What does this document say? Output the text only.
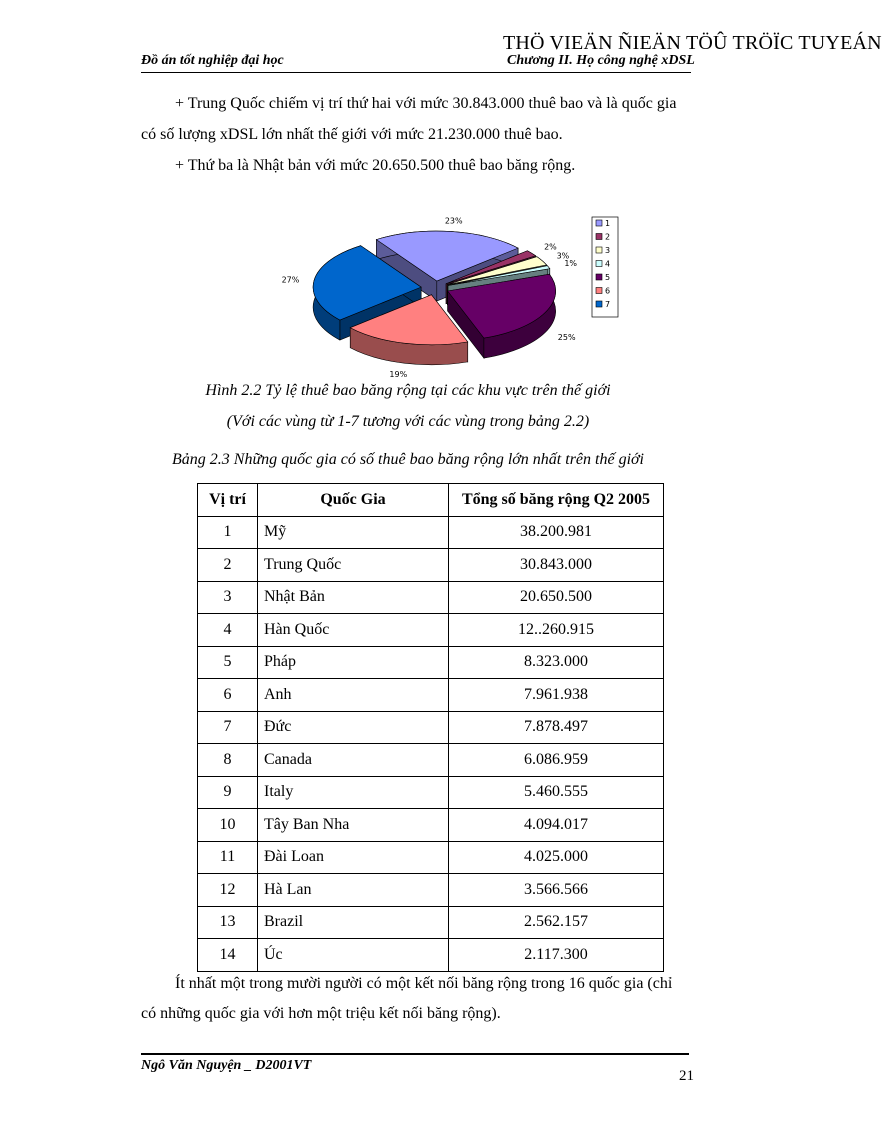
THÖ VIEÄN ÑIEÄN TÖÛ TRÖÏC TUYEÁN
Đồ án tốt nghiệp đại học	Chương II. Họ công nghệ xDSL
+ Trung Quốc chiếm vị trí thứ hai với mức 30.843.000 thuê bao và là quốc gia
có số lượng xDSL lớn nhất thế giới với mức 21.230.000 thuê bao.
+ Thứ ba là Nhật bản với mức 20.650.500 thuê bao băng rộng.
23%
2%
3%
1%
25%
19%
27%
1
2
3
4
5
6
7
Hình 2.2 Tỷ lệ thuê bao băng rộng tại các khu vực trên thế giới
(Với các vùng từ 1-7 tương với các vùng trong bảng 2.2)
Bảng 2.3 Những quốc gia có số thuê bao băng rộng lớn nhất trên thế giới
Vị trí	Quốc Gia	Tổng số băng rộng Q2 2005
1	Mỹ	38.200.981
2	Trung Quốc	30.843.000
3	Nhật Bản	20.650.500
4	Hàn Quốc	12..260.915
5	Pháp	8.323.000
6	Anh	7.961.938
7	Đức	7.878.497
8	Canada	6.086.959
9	Italy	5.460.555
10	Tây Ban Nha	4.094.017
11	Đài Loan	4.025.000
12	Hà Lan	3.566.566
13	Brazil	2.562.157
14	Úc	2.117.300
Ít nhất một trong mười người có một kết nối băng rộng trong 16 quốc gia (chỉ
có những quốc gia với hơn một triệu kết nối băng rộng).
Ngô Văn Nguyện _ D2001VT
21
